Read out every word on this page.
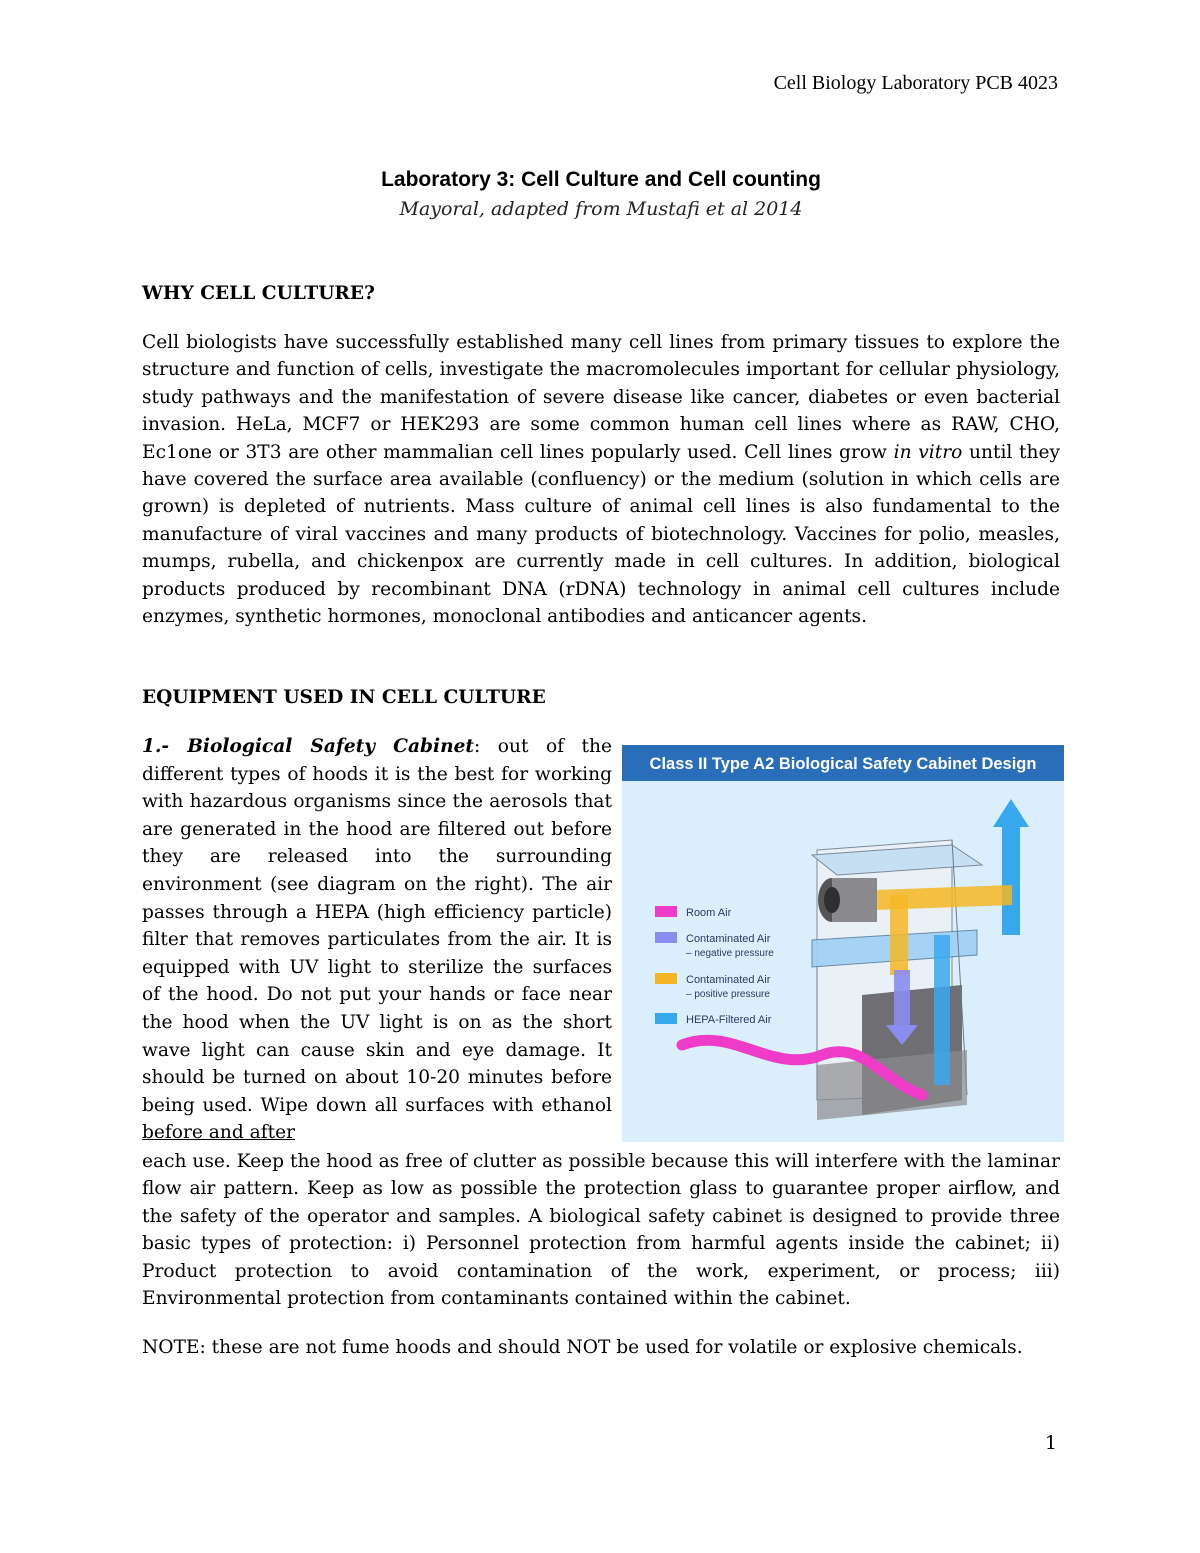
Cell Biology Laboratory PCB 4023
Laboratory 3: Cell Culture and Cell counting
Mayoral, adapted from Mustafi et al 2014
WHY CELL CULTURE?
Cell biologists have successfully established many cell lines from primary tissues to explore the structure and function of cells, investigate the macromolecules important for cellular physiology, study pathways and the manifestation of severe disease like cancer, diabetes or even bacterial invasion. HeLa, MCF7 or HEK293 are some common human cell lines where as RAW, CHO, Ec1one or 3T3 are other mammalian cell lines popularly used. Cell lines grow in vitro until they have covered the surface area available (confluency) or the medium (solution in which cells are grown) is depleted of nutrients. Mass culture of animal cell lines is also fundamental to the manufacture of viral vaccines and many products of biotechnology. Vaccines for polio, measles, mumps, rubella, and chickenpox are currently made in cell cultures. In addition, biological products produced by recombinant DNA (rDNA) technology in animal cell cultures include enzymes, synthetic hormones, monoclonal antibodies and anticancer agents.
EQUIPMENT USED IN CELL CULTURE
1.- Biological Safety Cabinet: out of the different types of hoods it is the best for working with hazardous organisms since the aerosols that are generated in the hood are filtered out before they are released into the surrounding environment (see diagram on the right). The air passes through a HEPA (high efficiency particle) filter that removes particulates from the air. It is equipped with UV light to sterilize the surfaces of the hood. Do not put your hands or face near the hood when the UV light is on as the short wave light can cause skin and eye damage. It should be turned on about 10-20 minutes before being used. Wipe down all surfaces with ethanol before and after
Class II Type A2 Biological Safety Cabinet Design
Room Air
Contaminated Air
– negative pressure
Contaminated Air
– positive pressure
HEPA-Filtered Air
each use. Keep the hood as free of clutter as possible because this will interfere with the laminar flow air pattern. Keep as low as possible the protection glass to guarantee proper airflow, and the safety of the operator and samples. A biological safety cabinet is designed to provide three basic types of protection: i) Personnel protection from harmful agents inside the cabinet; ii) Product protection to avoid contamination of the work, experiment, or process; iii) Environmental protection from contaminants contained within the cabinet.
NOTE: these are not fume hoods and should NOT be used for volatile or explosive chemicals.
1
